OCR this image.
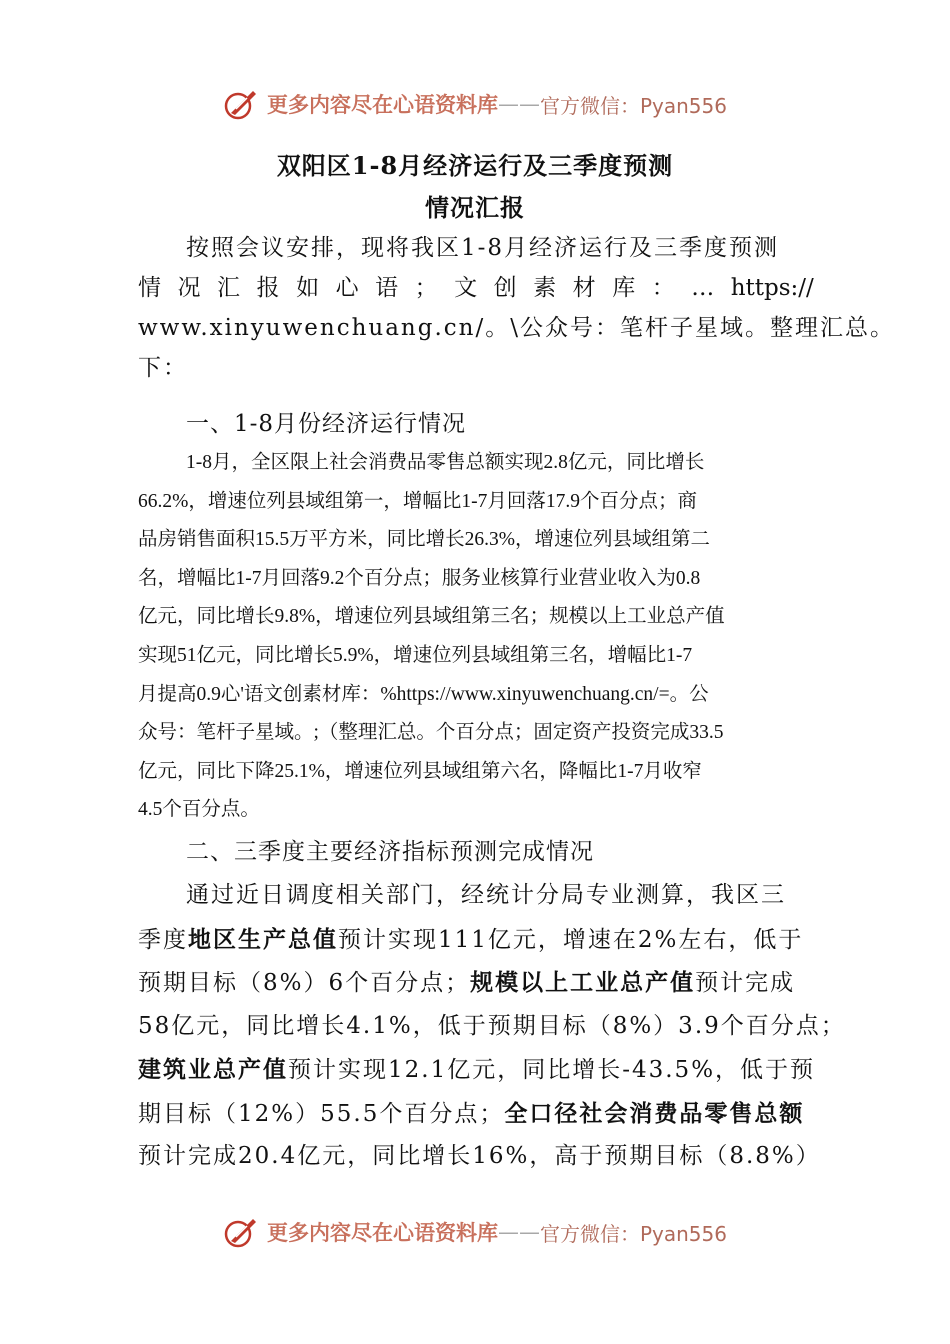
更多内容尽在心语资料库 — — 官方微信：Pyan556
双阳区1-8月经济运行及三季度预测
情况汇报
按照会议安排，现将我区1-8月经济运行及三季度预测
情 况 汇 报 如 心 语 ； 文 创 素 材 库 ： … https://
www.xinyuwenchuang.cn/。\公众号：笔杆子星域。整理汇总。
下：
一、1-8月份经济运行情况
1-8月，全区限上社会消费品零售总额实现2.8亿元，同比增长
66.2%，增速位列县域组第一，增幅比1-7月回落17.9个百分点；商
品房销售面积15.5万平方米，同比增长26.3%，增速位列县域组第二
名，增幅比1-7月回落9.2个百分点；服务业核算行业营业收入为0.8
亿元，同比增长9.8%，增速位列县域组第三名；规模以上工业总产值
实现51亿元，同比增长5.9%，增速位列县域组第三名，增幅比1-7
月提高0.9心'语文创素材库：%https://www.xinyuwenchuang.cn/=。公
众号：笔杆子星域。;（整理汇总。个百分点；固定资产投资完成33.5
亿元，同比下降25.1%，增速位列县域组第六名，降幅比1-7月收窄
4.5个百分点。
二、三季度主要经济指标预测完成情况
通过近日调度相关部门，经统计分局专业测算，我区三
季度地区生产总值预计实现111亿元，增速在2%左右，低于
预期目标（8%）6个百分点；规模以上工业总产值预计完成
58亿元，同比增长4.1%，低于预期目标（8%）3.9个百分点；
建筑业总产值预计实现12.1亿元，同比增长-43.5%，低于预
期目标（12%）55.5个百分点；全口径社会消费品零售总额
预计完成20.4亿元，同比增长16%，高于预期目标（8.8%）
更多内容尽在心语资料库 — — 官方微信：Pyan556
